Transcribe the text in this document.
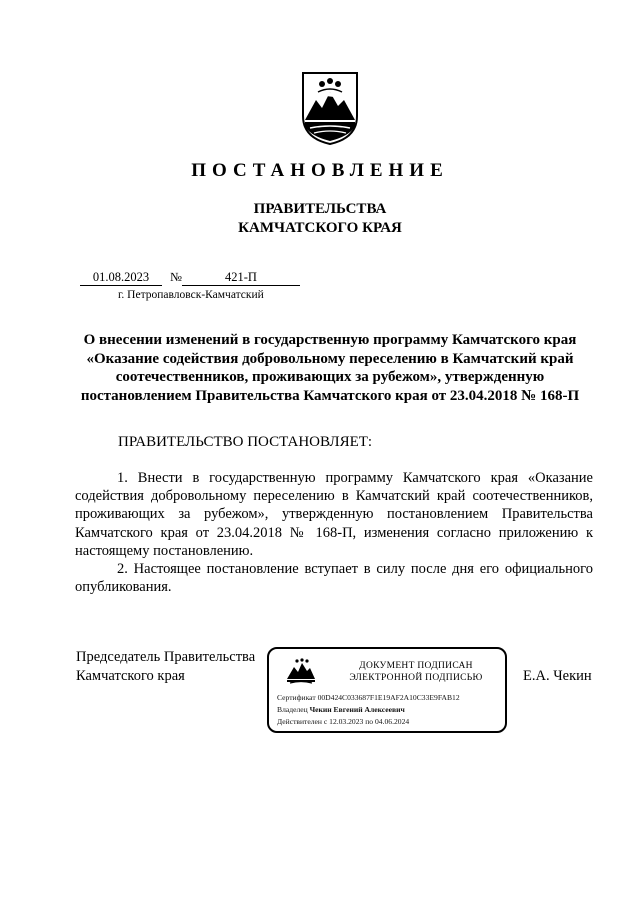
ПОСТАНОВЛЕНИЕ
ПРАВИТЕЛЬСТВА
КАМЧАТСКОГО КРАЯ
01.08.2023 №	421-П
г. Петропавловск-Камчатский
О внесении изменений в государственную программу Камчатского края
«Оказание содействия добровольному переселению в Камчатский край
соотечественников, проживающих за рубежом», утвержденную
постановлением Правительства Камчатского края от 23.04.2018 № 168-П
ПРАВИТЕЛЬСТВО ПОСТАНОВЛЯЕТ:

1. Внести в государственную программу Камчатского края «Оказание содействия добровольному переселению в Камчатский край соотечественников, проживающих за рубежом», утвержденную постановлением Правительства Камчатского края от 23.04.2018 № 168-П, изменения согласно приложению к настоящему постановлению.

2. Настоящее постановление вступает в силу после дня его официального опубликования.

Председатель Правительства
Камчатского края	Е.А. Чекин
ДОКУМЕНТ ПОДПИСАН
ЭЛЕКТРОННОЙ ПОДПИСЬЮ
Сертификат 00D424C033687F1E19AF2A10C33E9FAB12
Владелец Чекин Евгений Алексеевич
Действителен с 12.03.2023 по 04.06.2024
